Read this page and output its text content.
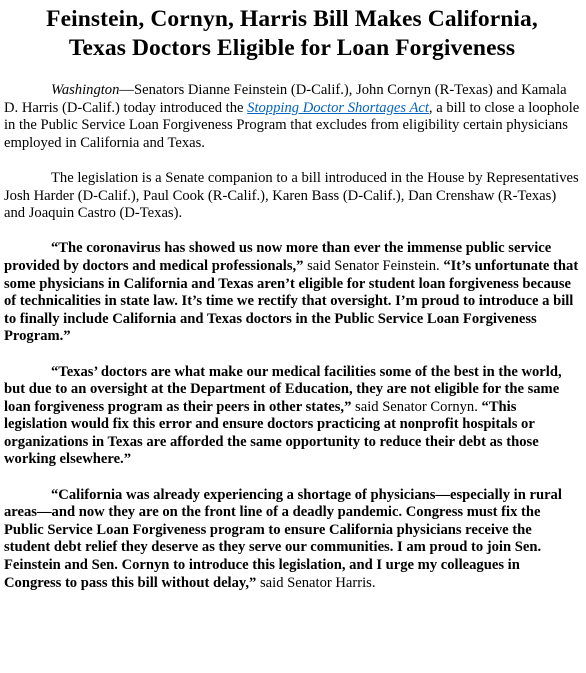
Feinstein, Cornyn, Harris Bill Makes California,
Texas Doctors Eligible for Loan Forgiveness

Washington—Senators Dianne Feinstein (D-Calif.), John Cornyn (R-Texas) and Kamala D. Harris (D-Calif.) today introduced the Stopping Doctor Shortages Act, a bill to close a loophole in the Public Service Loan Forgiveness Program that excludes from eligibility certain physicians employed in California and Texas.

The legislation is a Senate companion to a bill introduced in the House by Representatives Josh Harder (D-Calif.), Paul Cook (R-Calif.), Karen Bass (D-Calif.), Dan Crenshaw (R-Texas) and Joaquin Castro (D-Texas).

“The coronavirus has showed us now more than ever the immense public service provided by doctors and medical professionals,” said Senator Feinstein. “It’s unfortunate that some physicians in California and Texas aren’t eligible for student loan forgiveness because of technicalities in state law. It’s time we rectify that oversight. I’m proud to introduce a bill to finally include California and Texas doctors in the Public Service Loan Forgiveness Program.”

“Texas’ doctors are what make our medical facilities some of the best in the world, but due to an oversight at the Department of Education, they are not eligible for the same loan forgiveness program as their peers in other states,” said Senator Cornyn. “This legislation would fix this error and ensure doctors practicing at nonprofit hospitals or organizations in Texas are afforded the same opportunity to reduce their debt as those working elsewhere.”

“California was already experiencing a shortage of physicians—especially in rural areas—and now they are on the front line of a deadly pandemic. Congress must fix the Public Service Loan Forgiveness program to ensure California physicians receive the student debt relief they deserve as they serve our communities. I am proud to join Sen. Feinstein and Sen. Cornyn to introduce this legislation, and I urge my colleagues in Congress to pass this bill without delay,” said Senator Harris.
